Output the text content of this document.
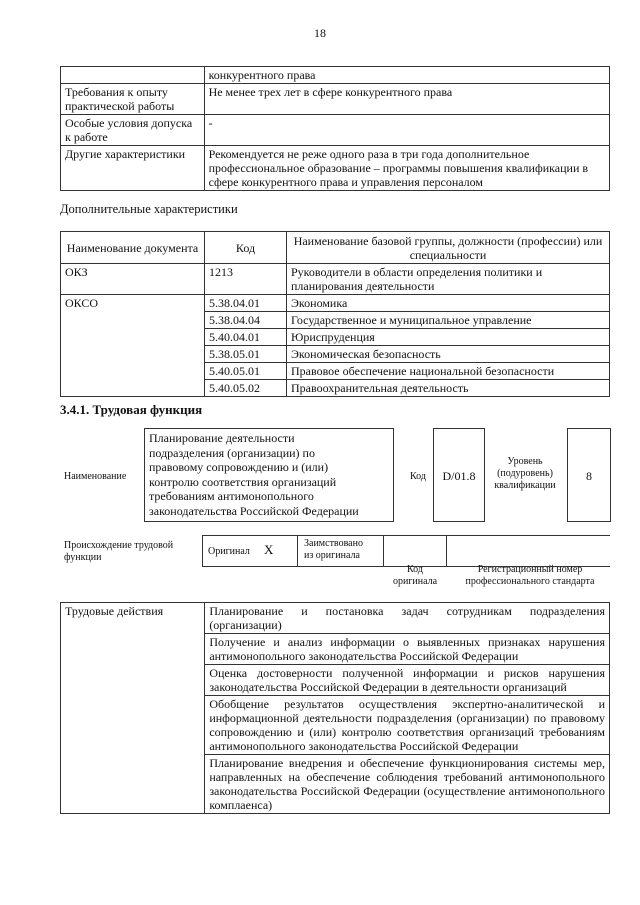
18
	конкурентного права
Требования к опыту практической работы	Не менее трех лет в сфере конкурентного права
Особые условия допуска к работе	-
Другие характеристики	Рекомендуется не реже одного раза в три года дополнительное профессиональное образование – программы повышения квалификации в сфере конкурентного права и управления персоналом
Дополнительные характеристики
Наименование документа	Код	Наименование базовой группы, должности (профессии) или специальности
ОКЗ	1213	Руководители в области определения политики и планирования деятельности
ОКСО	5.38.04.01	Экономика
	5.38.04.04	Государственное и муниципальное управление
	5.40.04.01	Юриспруденция
	5.38.05.01	Экономическая безопасность
	5.40.05.01	Правовое обеспечение национальной безопасности
	5.40.05.02	Правоохранительная деятельность
3.4.1. Трудовая функция
Наименование
Планирование деятельности
подразделения (организации) по
правовому сопровождению и (или)
контролю соответствия организаций
требованиям антимонопольного
законодательства Российской Федерации
Код	D/01.8
Уровень
(подуровень)
квалификации
8
Происхождение трудовой
функции
Оригинал X	Заимствовано
из оригинала
Код
оригинала
Регистрационный номер
профессионального стандарта
Трудовые действия	Планирование и постановка задач сотрудникам подразделения (организации)
Получение и анализ информации о выявленных признаках нарушения антимонопольного законодательства Российской Федерации
Оценка достоверности полученной информации и рисков нарушения законодательства Российской Федерации в деятельности организаций
Обобщение результатов осуществления экспертно-аналитической и информационной деятельности подразделения (организации) по правовому сопровождению и (или) контролю соответствия организаций требованиям антимонопольного законодательства Российской Федерации
Планирование внедрения и обеспечение функционирования системы мер, направленных на обеспечение соблюдения требований антимонопольного законодательства Российской Федерации (осуществление антимонопольного комплаенса)
